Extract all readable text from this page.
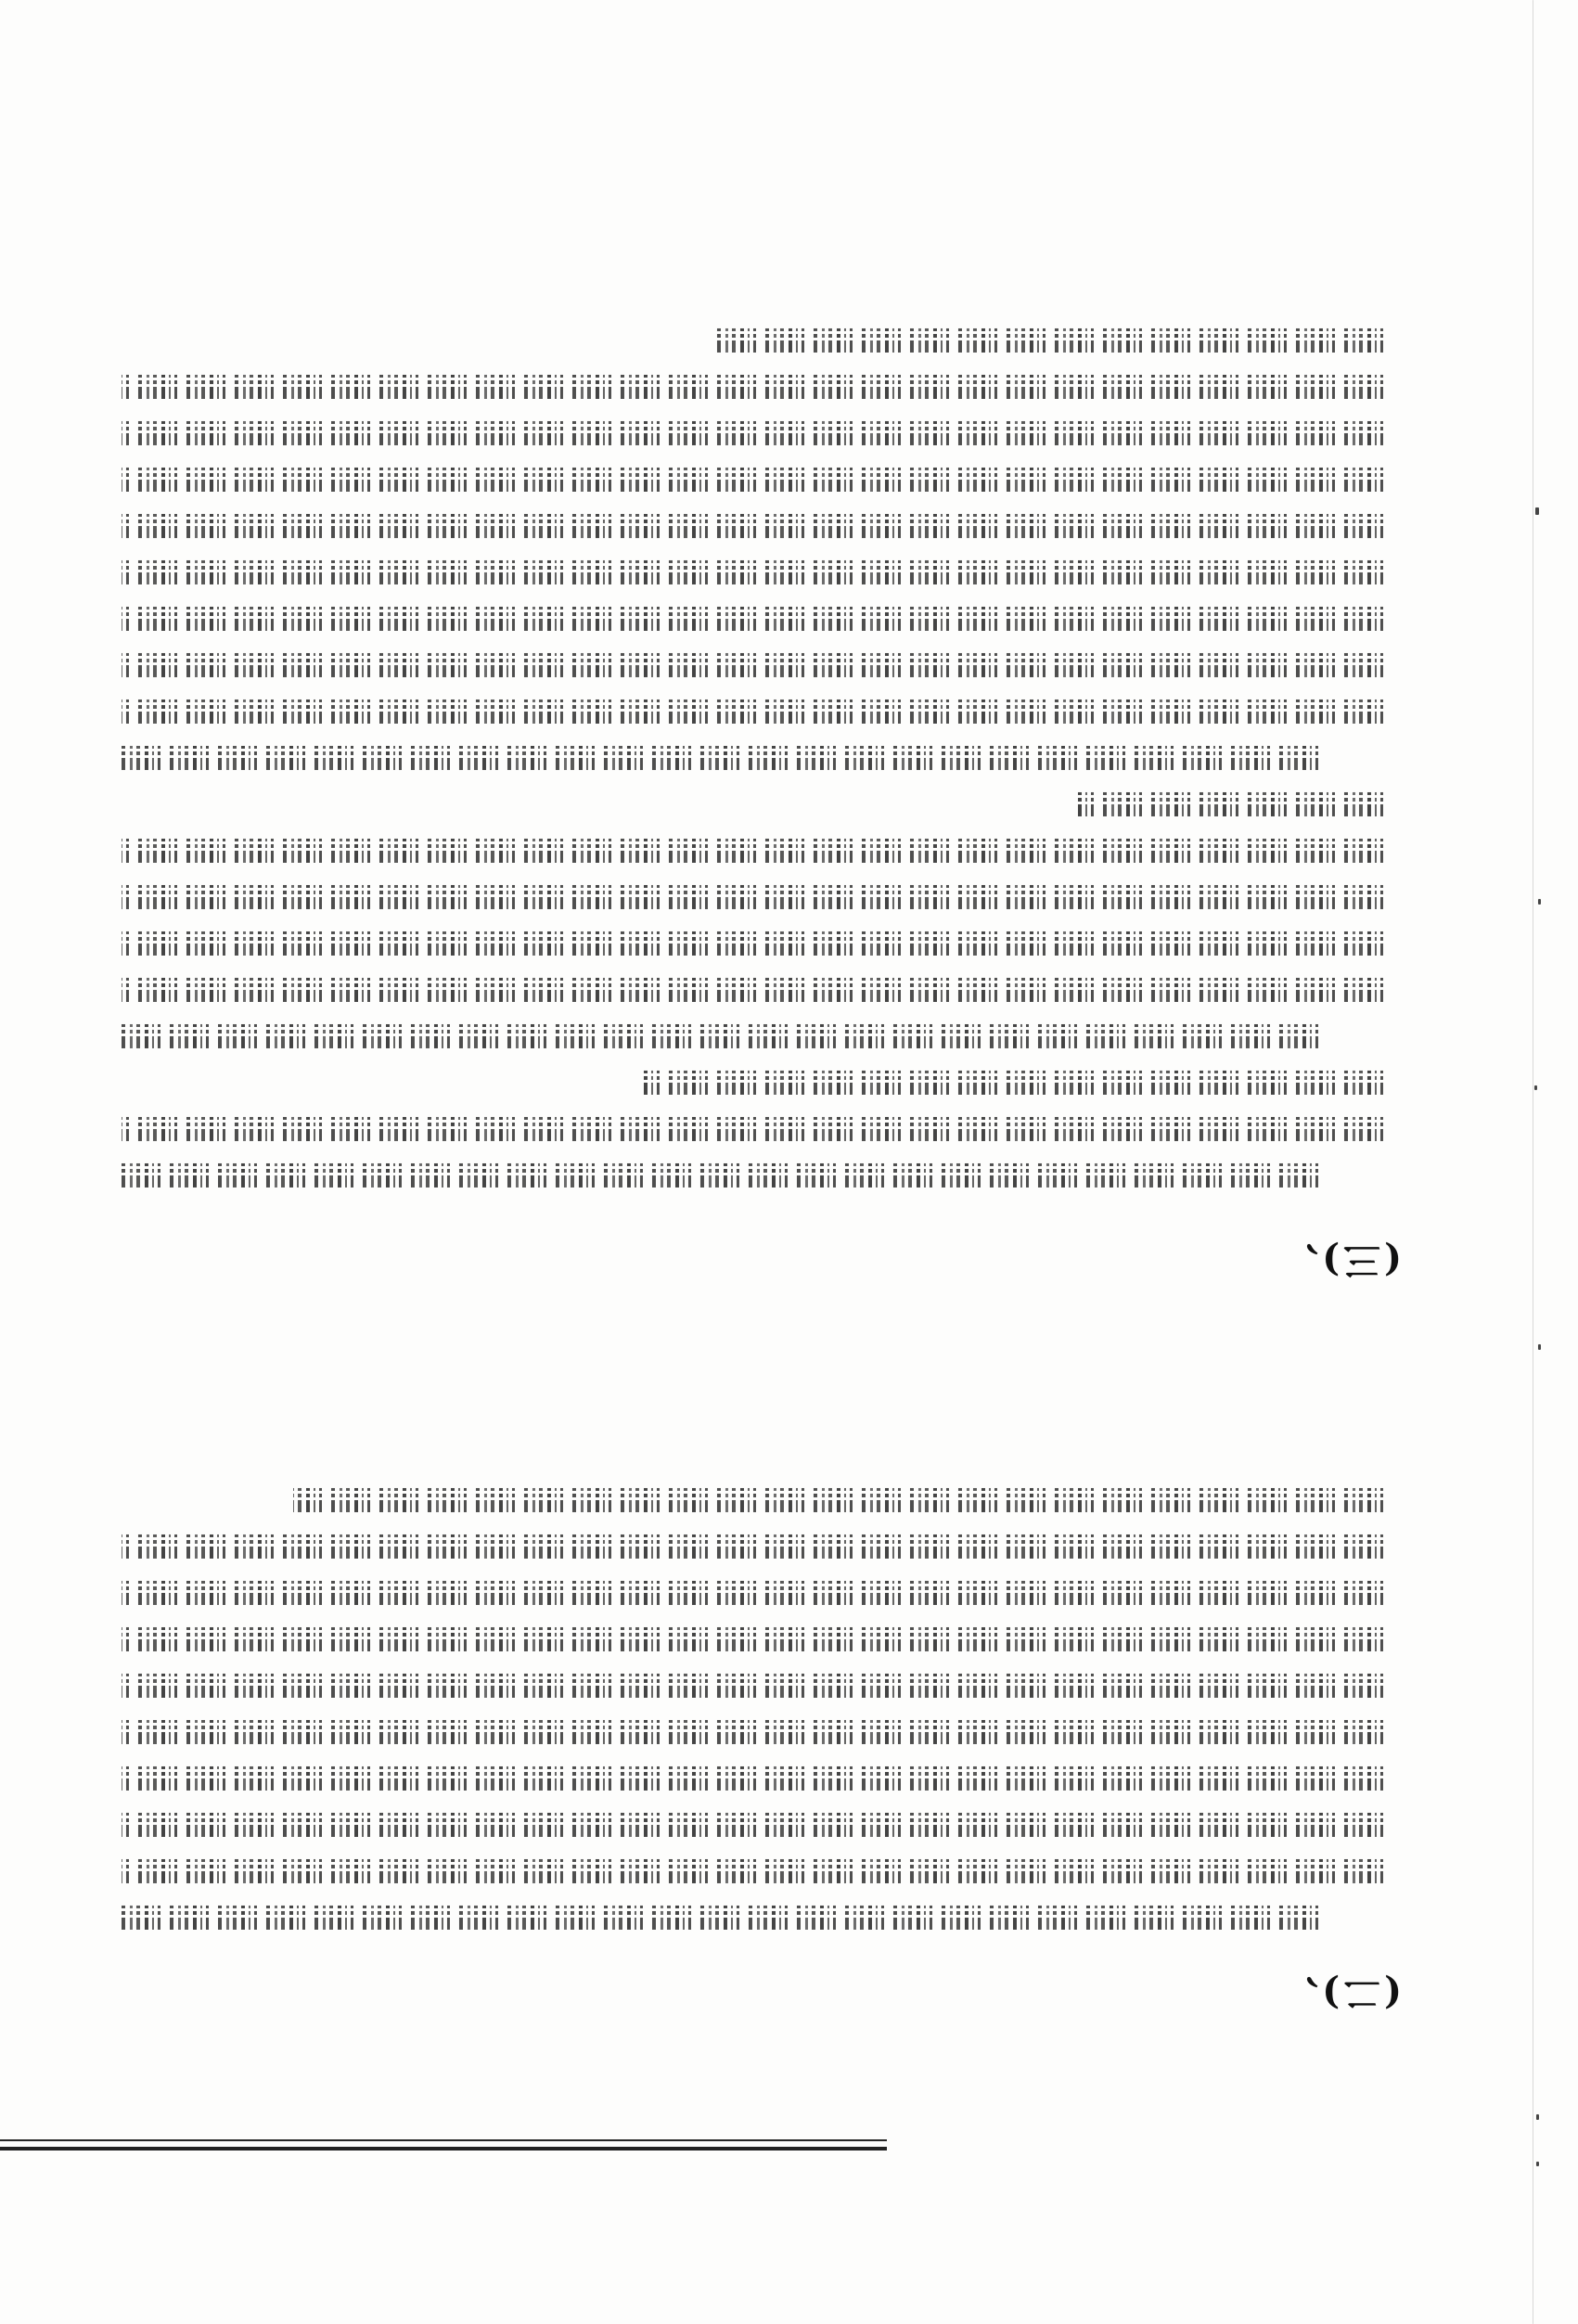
(二)、
(三)、
